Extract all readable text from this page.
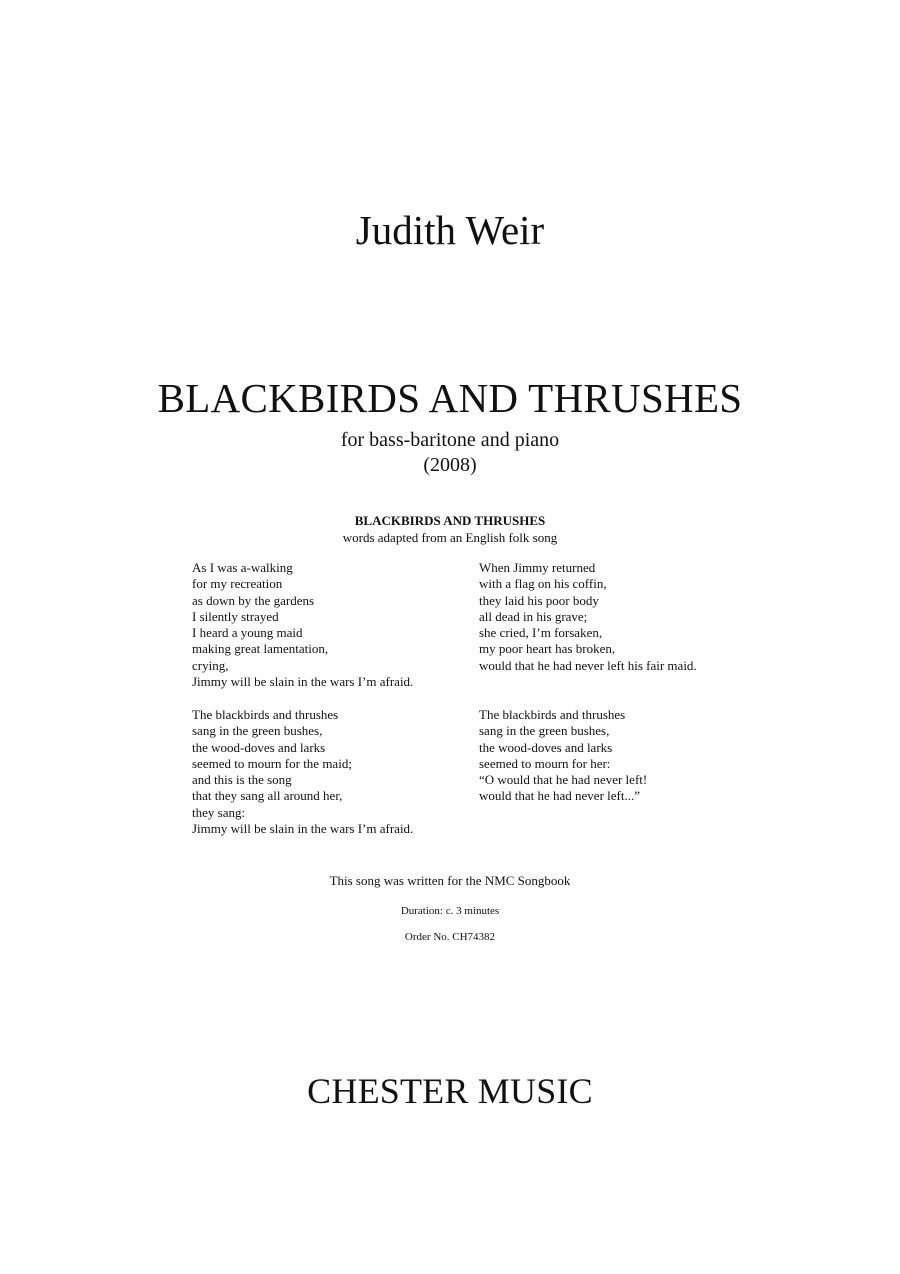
Judith Weir
BLACKBIRDS AND THRUSHES
for bass-baritone and piano
(2008)
BLACKBIRDS AND THRUSHES
words adapted from an English folk song
As I was a-walking
for my recreation
as down by the gardens
I silently strayed
I heard a young maid
making great lamentation,
crying,
Jimmy will be slain in the wars I’m afraid.
When Jimmy returned
with a flag on his coffin,
they laid his poor body
all dead in his grave;
she cried, I’m forsaken,
my poor heart has broken,
would that he had never left his fair maid.
The blackbirds and thrushes
sang in the green bushes,
the wood-doves and larks
seemed to mourn for the maid;
and this is the song
that they sang all around her,
they sang:
Jimmy will be slain in the wars I’m afraid.
The blackbirds and thrushes
sang in the green bushes,
the wood-doves and larks
seemed to mourn for her:
“O would that he had never left!
would that he had never left...”
This song was written for the NMC Songbook
Duration: c. 3 minutes
Order No. CH74382
CHESTER MUSIC
